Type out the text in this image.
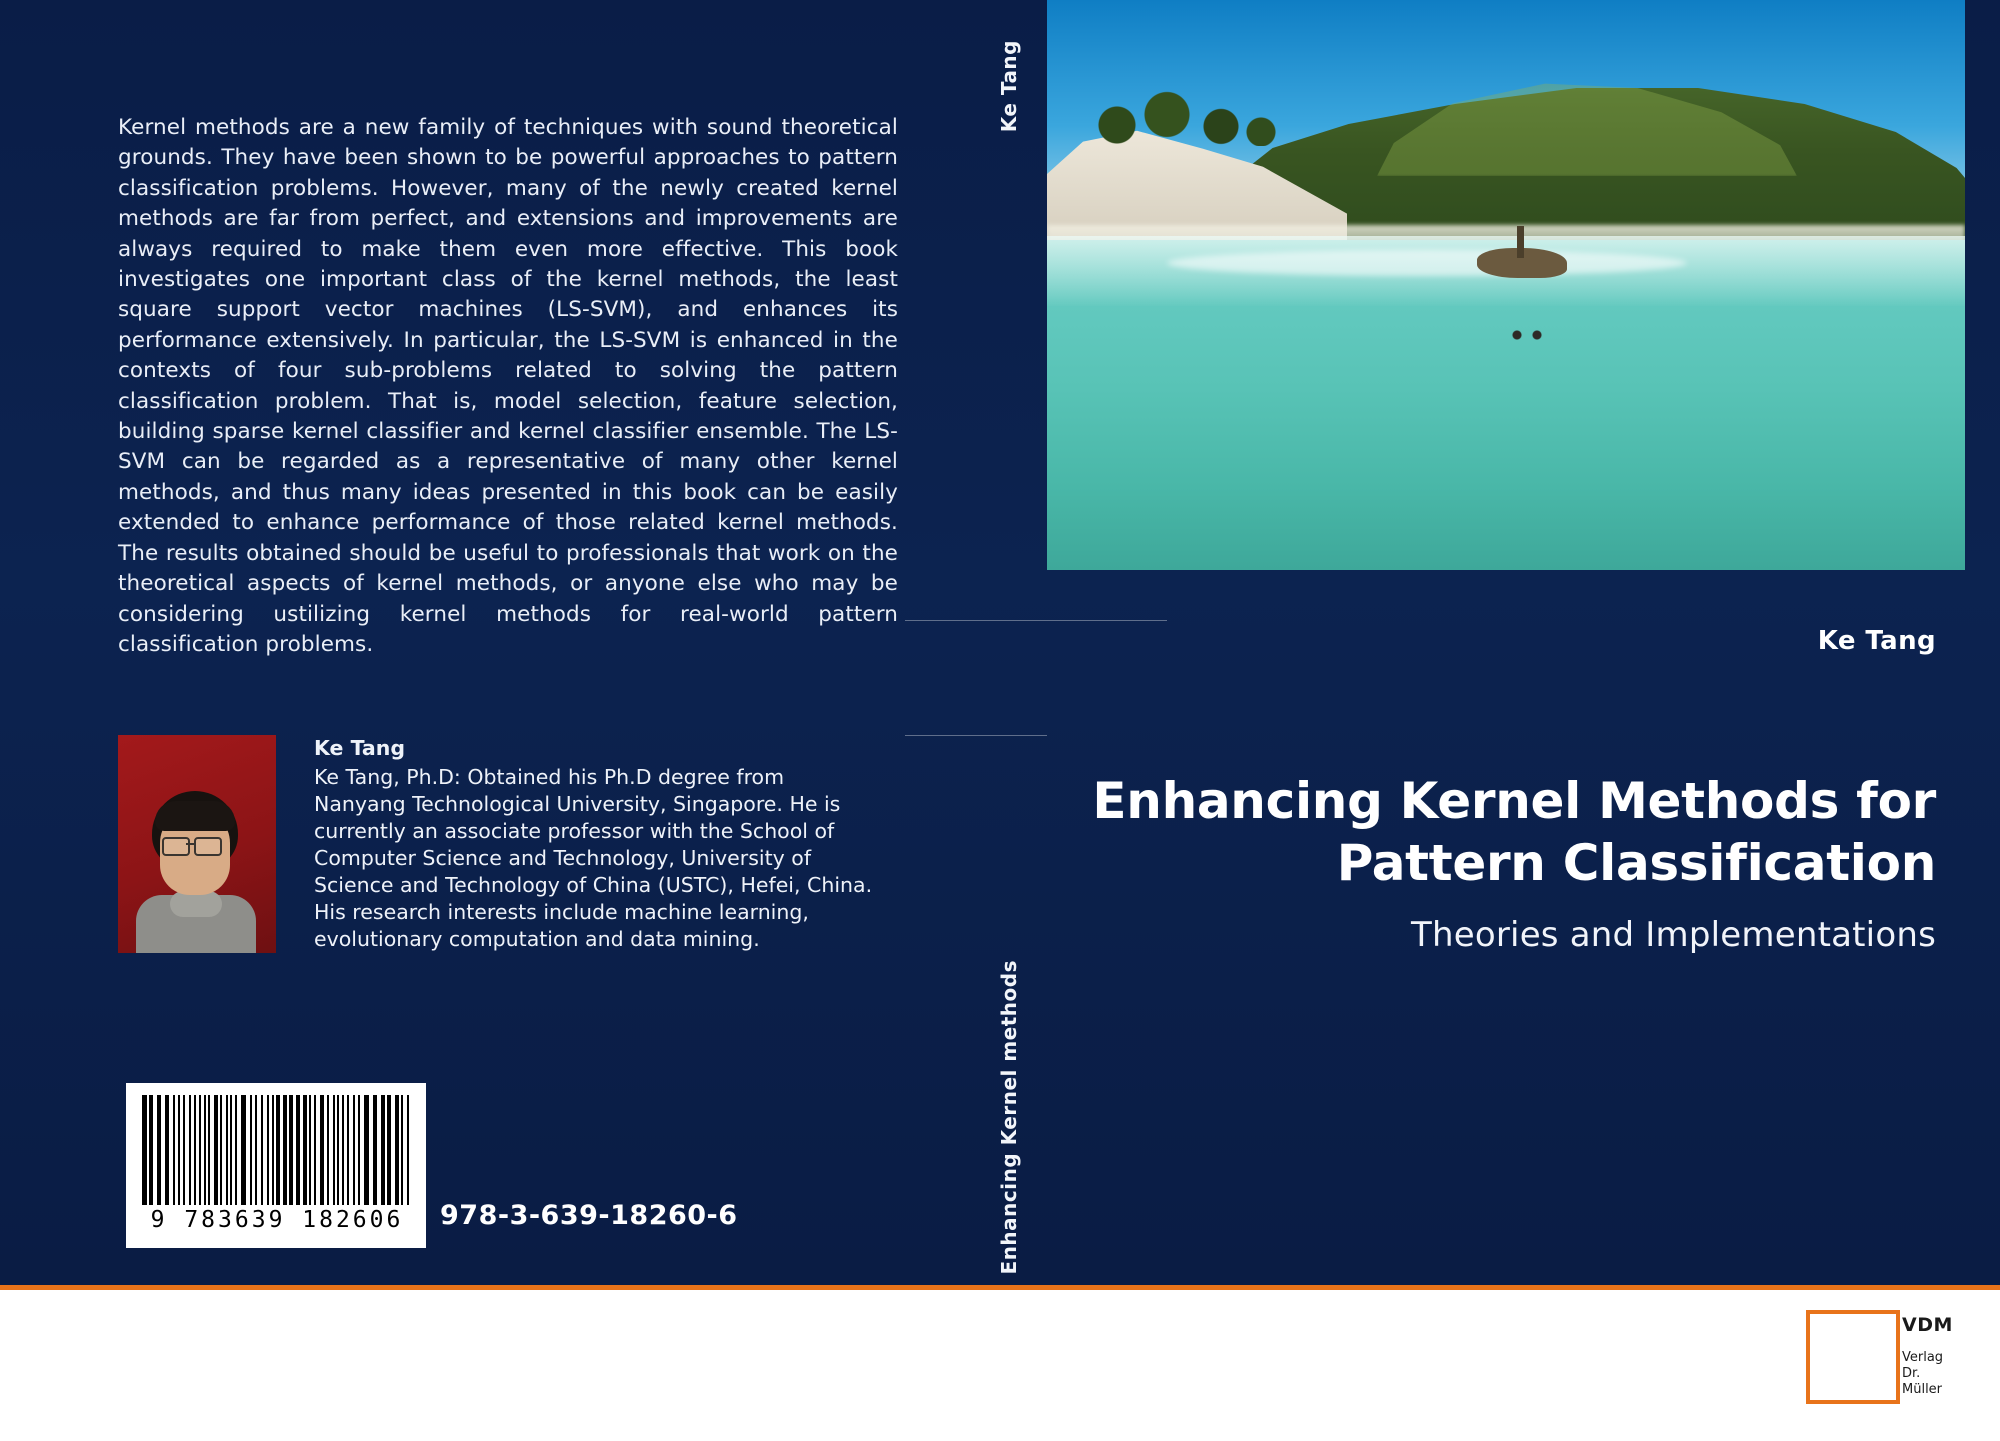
Kernel methods are a new family of techniques with sound theoretical grounds. They have been shown to be powerful approaches to pattern classification problems. However, many of the newly created kernel methods are far from perfect, and extensions and improvements are always required to make them even more effective. This book investigates one important class of the kernel methods, the least square support vector machines (LS-SVM), and enhances its performance extensively. In particular, the LS-SVM is enhanced in the contexts of four sub-problems related to solving the pattern classification problem. That is, model selection, feature selection, building sparse kernel classifier and kernel classifier ensemble. The LS-SVM can be regarded as a representative of many other kernel methods, and thus many ideas presented in this book can be easily extended to enhance performance of those related kernel methods. The results obtained should be useful to professionals that work on the theoretical aspects of kernel methods, or anyone else who may be considering ustilizing kernel methods for real-world pattern classification problems.
Ke Tang
Ke Tang, Ph.D: Obtained his Ph.D degree from Nanyang Technological University, Singapore. He is currently an associate professor with the School of Computer Science and Technology, University of Science and Technology of China (USTC), Hefei, China. His research interests include machine learning, evolutionary computation and data mining.
9 783639 182606	978-3-639-18260-6
Ke Tang
Enhancing Kernel methods
Ke Tang
Enhancing Kernel Methods for Pattern Classification
Theories and Implementations
VDM
Verlag
Dr. Müller
